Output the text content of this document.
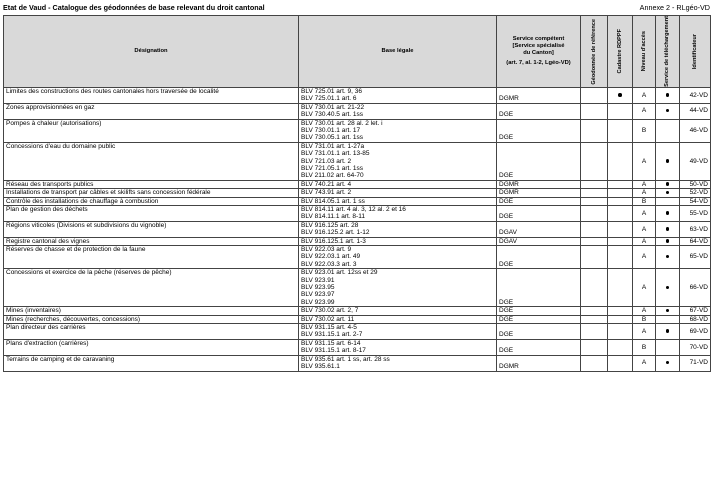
Etat de Vaud - Catalogue des géodonnées de base relevant du droit cantonal	Annexe 2 - RLgéo-VD
Désignation	Base légale	Service compétent
[Service spécialisé
du Canton]
(art. 7, al. 1-2, Lgéo-VD)	Géodonnée de référence	Cadastre RDPPF	Niveau d'accès	Service de téléchargement	Identificateur

Limites des constructions des routes cantonales hors traversée de localité	BLV 725.01 art. 9, 36
BLV 725.01.1 art. 6	DGMR			A		42-VD
Zones approvisionnées en gaz	BLV 730.01 art. 21-22
BLV 730.40.5 art. 1ss	DGE			A		44-VD
Pompes à chaleur (autorisations)	BLV 730.01 art. 28 al. 2 let. i
BLV 730.01.1 art. 17
BLV 730.05.1 art. 1ss	DGE			B		46-VD
Concessions d'eau du domaine public	BLV 731.01 art. 1-27a
BLV 731.01.1 art. 13-85
BLV 721.03 art. 2
BLV 721.05.1 art. 1ss
BLV 211.02 art. 64-70	DGE			A		49-VD
Réseau des transports publics	BLV 740.21 art. 4	DGMR			A		50-VD
Installations de transport par câbles et skilifts sans concession fédérale	BLV 743.91 art. 2	DGMR			A		52-VD
Contrôle des installations de chauffage à combustion	BLV 814.05.1 art. 1 ss	DGE			B		54-VD
Plan de gestion des déchets	BLV 814.11 art. 4 al. 3, 12 al. 2 et 16
BLV 814.11.1 art. 8-11	DGE			A		55-VD
Régions viticoles (Divisions et subdivisions du vignoble)	BLV 916.125 art. 28
BLV 916.125.2 art. 1-12	DGAV			A		63-VD
Registre cantonal des vignes	BLV 916.125.1 art. 1-3	DGAV			A		64-VD
Réserves de chasse et de protection de la faune	BLV 922.03 art. 9
BLV 922.03.1 art. 49
BLV 922.03.3 art. 3	DGE			A		65-VD
Concessions et exercice de la pêche (réserves de pêche)	BLV 923.01 art. 12ss et 29
BLV 923.91
BLV 923.95
BLV 923.97
BLV 923.99	DGE			A		66-VD
Mines (inventaires)	BLV 730.02 art. 2, 7	DGE			A		67-VD
Mines (recherches, découvertes, concessions)	BLV 730.02 art. 11	DGE			B		68-VD
Plan directeur des carrières	BLV 931.15 art. 4-5
BLV 931.15.1 art. 2-7	DGE			A		69-VD
Plans d'extraction (carrières)	BLV 931.15 art. 6-14
BLV 931.15.1 art. 8-17	DGE			B		70-VD
Terrains de camping et de caravaning	BLV 935.61 art. 1 ss, art. 28 ss
BLV 935.61.1	DGMR			A		71-VD
